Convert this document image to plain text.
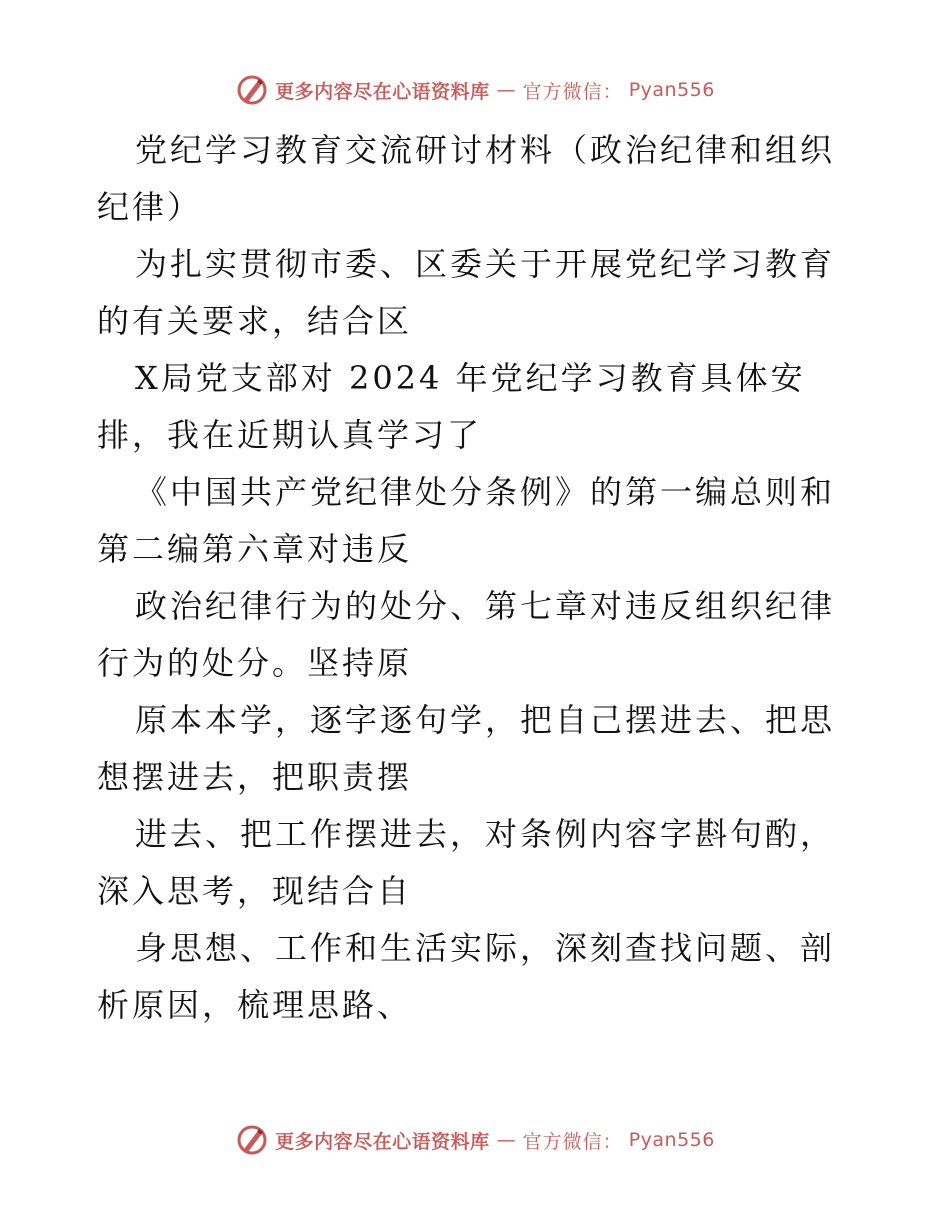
更多内容尽在心语资料库 — 官方微信： Pyan556

党纪学习教育交流研讨材料（政治纪律和组织纪律）

为扎实贯彻市委、区委关于开展党纪学习教育的有关要求，结合区

X局党支部对 2024 年党纪学习教育具体安排，我在近期认真学习了

《中国共产党纪律处分条例》的第一编总则和第二编第六章对违反

政治纪律行为的处分、第七章对违反组织纪律行为的处分。坚持原

原本本学，逐字逐句学，把自己摆进去、把思想摆进去，把职责摆

进去、把工作摆进去，对条例内容字斟句酌，深入思考，现结合自

身思想、工作和生活实际，深刻查找问题、剖析原因，梳理思路、

更多内容尽在心语资料库 — 官方微信： Pyan556
